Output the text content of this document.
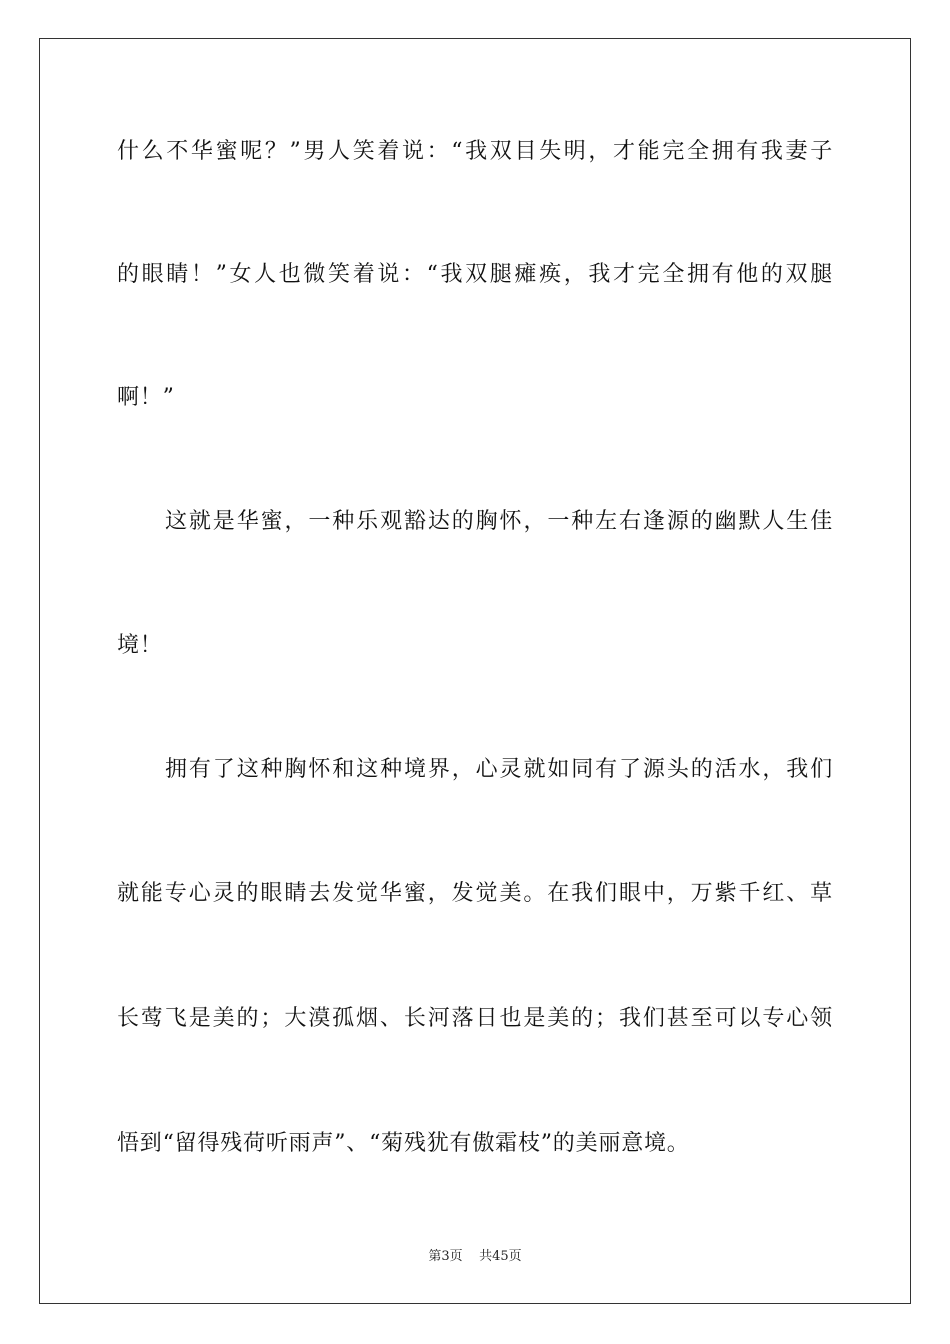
什么不华蜜呢？”男人笑着说：“我双目失明，才能完全拥有我妻子
的眼睛！”女人也微笑着说：“我双腿瘫痪，我才完全拥有他的双腿
啊！”
这就是华蜜，一种乐观豁达的胸怀，一种左右逢源的幽默人生佳
境！
拥有了这种胸怀和这种境界，心灵就如同有了源头的活水，我们
就能专心灵的眼睛去发觉华蜜，发觉美。在我们眼中，万紫千红、草
长莺飞是美的；大漠孤烟、长河落日也是美的；我们甚至可以专心领
悟到“留得残荷听雨声”、“菊残犹有傲霜枝”的美丽意境。
第3页 共45页
